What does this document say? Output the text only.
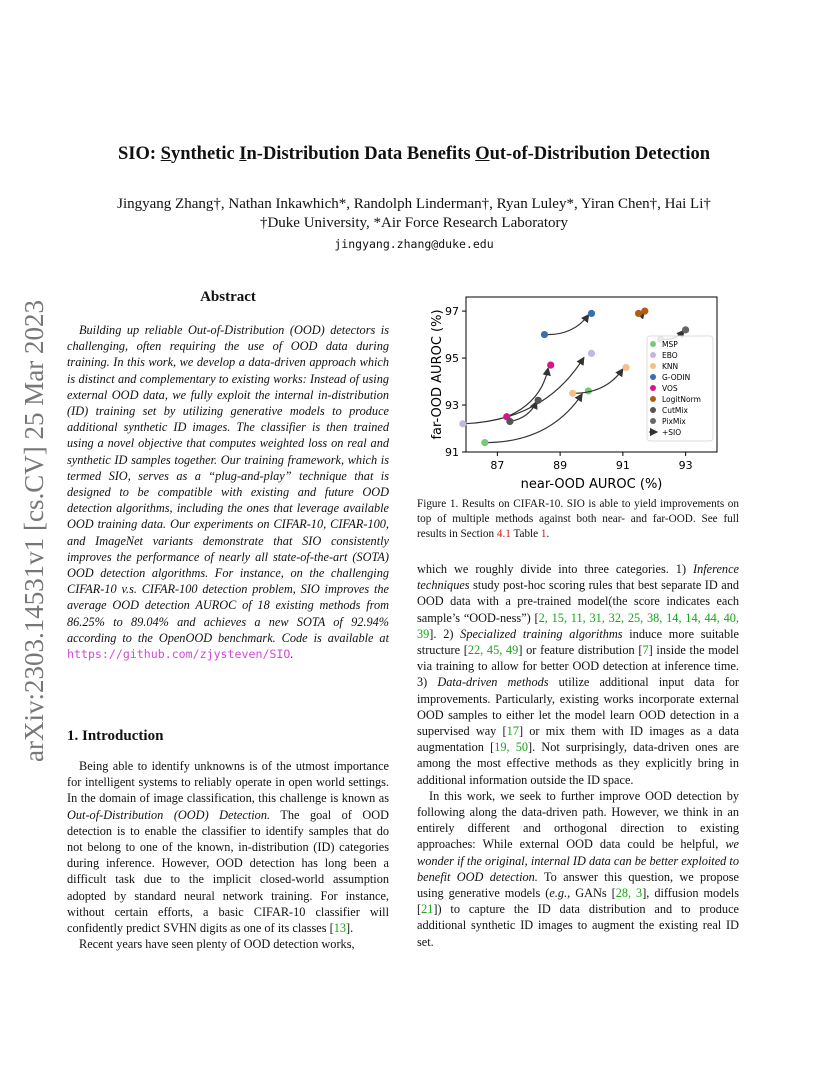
arXiv:2303.14531v1 [cs.CV] 25 Mar 2023
SIO: Synthetic In-Distribution Data Benefits Out-of-Distribution Detection
Jingyang Zhang†, Nathan Inkawhich*, Randolph Linderman†, Ryan Luley*, Yiran Chen†, Hai Li†
†Duke University, *Air Force Research Laboratory
jingyang.zhang@duke.edu
Abstract
Building up reliable Out-of-Distribution (OOD) detectors is challenging, often requiring the use of OOD data during training. In this work, we develop a data-driven approach which is distinct and complementary to existing works: Instead of using external OOD data, we fully exploit the internal in-distribution (ID) training set by utilizing generative models to produce additional synthetic ID images. The classifier is then trained using a novel objective that computes weighted loss on real and synthetic ID samples together. Our training framework, which is termed SIO, serves as a “plug-and-play” technique that is designed to be compatible with existing and future OOD detection algorithms, including the ones that leverage available OOD training data. Our experiments on CIFAR-10, CIFAR-100, and ImageNet variants demonstrate that SIO consistently improves the performance of nearly all state-of-the-art (SOTA) OOD detection algorithms. For instance, on the challenging CIFAR-10 v.s. CIFAR-100 detection problem, SIO improves the average OOD detection AUROC of 18 existing methods from 86.25% to 89.04% and achieves a new SOTA of 92.94% according to the OpenOOD benchmark. Code is available at https://github.com/zjysteven/SIO.
1. Introduction

Being able to identify unknowns is of the utmost importance for intelligent systems to reliably operate in open world settings. In the domain of image classification, this challenge is known as Out-of-Distribution (OOD) Detection. The goal of OOD detection is to enable the classifier to identify samples that do not belong to one of the known, in-distribution (ID) categories during inference. However, OOD detection has long been a difficult task due to the implicit closed-world assumption adopted by standard neural network training. For instance, without certain efforts, a basic CIFAR-10 classifier will confidently predict SVHN digits as one of its classes [13].

Recent years have seen plenty of OOD detection works,

87	89	91	93
91
93
95
97
near-OOD AUROC (%)
far-OOD AUROC (%)	MSP
EBO
KNN
G-ODIN
VOS
LogitNorm
CutMix
PixMix
+SIO
Figure 1. Results on CIFAR-10. SIO is able to yield improvements on top of multiple methods against both near- and far-OOD. See full results in Section 4.1 Table 1.

which we roughly divide into three categories. 1) Inference techniques study post-hoc scoring rules that best separate ID and OOD data with a pre-trained model(the score indicates each sample’s “OOD-ness”) [2, 15, 11, 31, 32, 25, 38, 14, 14, 44, 40, 39]. 2) Specialized training algorithms induce more suitable structure [22, 45, 49] or feature distribution [7] inside the model via training to allow for better OOD detection at inference time. 3) Data-driven methods utilize additional input data for improvements. Particularly, existing works incorporate external OOD samples to either let the model learn OOD detection in a supervised way [17] or mix them with ID images as a data augmentation [19, 50]. Not surprisingly, data-driven ones are among the most effective methods as they explicitly bring in additional information outside the ID space.

In this work, we seek to further improve OOD detection by following along the data-driven path. However, we think in an entirely different and orthogonal direction to existing approaches: While external OOD data could be helpful, we wonder if the original, internal ID data can be better exploited to benefit OOD detection. To answer this question, we propose using generative models (e.g., GANs [28, 3], diffusion models [21]) to capture the ID data distribution and to produce additional synthetic ID images to augment the existing real ID set.
